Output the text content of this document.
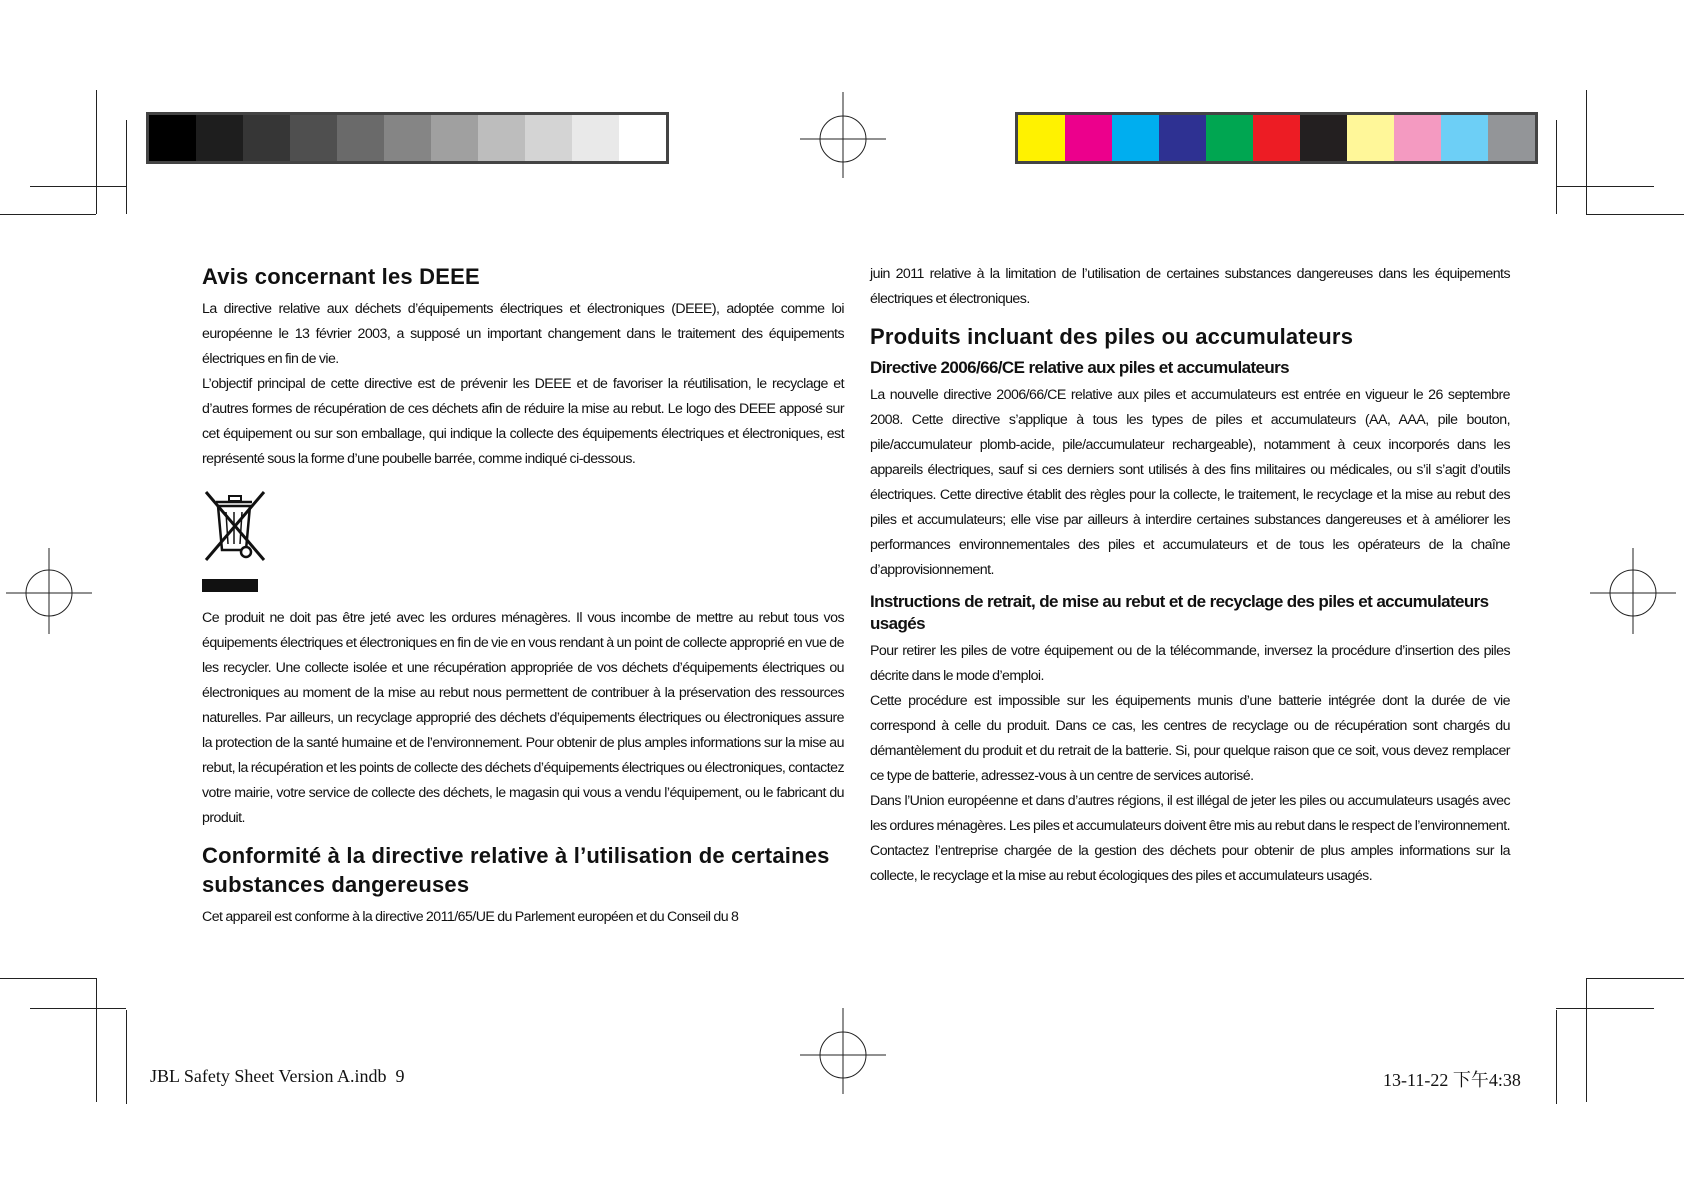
Avis concernant les DEEE

La directive relative aux déchets d’équipements électriques et électroniques (DEEE), adoptée comme loi européenne le 13 février 2003, a supposé un important changement dans le traitement des équipements électriques en fin de vie.

L’objectif principal de cette directive est de prévenir les DEEE et de favoriser la réutilisation, le recyclage et d’autres formes de récupération de ces déchets afin de réduire la mise au rebut. Le logo des DEEE apposé sur cet équipement ou sur son emballage, qui indique la collecte des équipements électriques et électroniques, est représenté sous la forme d’une poubelle barrée, comme indiqué ci-dessous.

Ce produit ne doit pas être jeté avec les ordures ménagères. Il vous incombe de mettre au rebut tous vos équipements électriques et électroniques en fin de vie en vous rendant à un point de collecte approprié en vue de les recycler. Une collecte isolée et une récupération appropriée de vos déchets d’équipements électriques ou électroniques au moment de la mise au rebut nous permettent de contribuer à la préservation des ressources naturelles. Par ailleurs, un recyclage approprié des déchets d’équipements électriques ou électroniques assure la protection de la santé humaine et de l’environnement. Pour obtenir de plus amples informations sur la mise au rebut, la récupération et les points de collecte des déchets d’équipements électriques ou électroniques, contactez votre mairie, votre service de collecte des déchets, le magasin qui vous a vendu l’équipement, ou le fabricant du produit.

Conformité à la directive relative à l’utilisation de certaines substances dangereuses

Cet appareil est conforme à la directive 2011/65/UE du Parlement européen et du Conseil du 8

juin 2011 relative à la limitation de l’utilisation de certaines substances dangereuses dans les équipements électriques et électroniques.

Produits incluant des piles ou accumulateurs
Directive 2006/66/CE relative aux piles et accumulateurs

La nouvelle directive 2006/66/CE relative aux piles et accumulateurs est entrée en vigueur le 26 septembre 2008. Cette directive s’applique à tous les types de piles et accumulateurs (AA, AAA, pile bouton, pile/accumulateur plomb-acide, pile/accumulateur rechargeable), notamment à ceux incorporés dans les appareils électriques, sauf si ces derniers sont utilisés à des fins militaires ou médicales, ou s’il s’agit d’outils électriques. Cette directive établit des règles pour la collecte, le traitement, le recyclage et la mise au rebut des piles et accumulateurs; elle vise par ailleurs à interdire certaines substances dangereuses et à améliorer les performances environnementales des piles et accumulateurs et de tous les opérateurs de la chaîne d’approvisionnement.

Instructions de retrait, de mise au rebut et de recyclage des piles et accumulateurs usagés

Pour retirer les piles de votre équipement ou de la télécommande, inversez la procédure d’insertion des piles décrite dans le mode d’emploi.

Cette procédure est impossible sur les équipements munis d’une batterie intégrée dont la durée de vie correspond à celle du produit. Dans ce cas, les centres de recyclage ou de récupération sont chargés du démantèlement du produit et du retrait de la batterie. Si, pour quelque raison que ce soit, vous devez remplacer ce type de batterie, adressez-vous à un centre de services autorisé.

Dans l’Union européenne et dans d’autres régions, il est illégal de jeter les piles ou accumulateurs usagés avec les ordures ménagères. Les piles et accumulateurs doivent être mis au rebut dans le respect de l’environnement. Contactez l’entreprise chargée de la gestion des déchets pour obtenir de plus amples informations sur la collecte, le recyclage et la mise au rebut écologiques des piles et accumulateurs usagés.

JBL Safety Sheet Version A.indb 9	13-11-22 下午4:38
